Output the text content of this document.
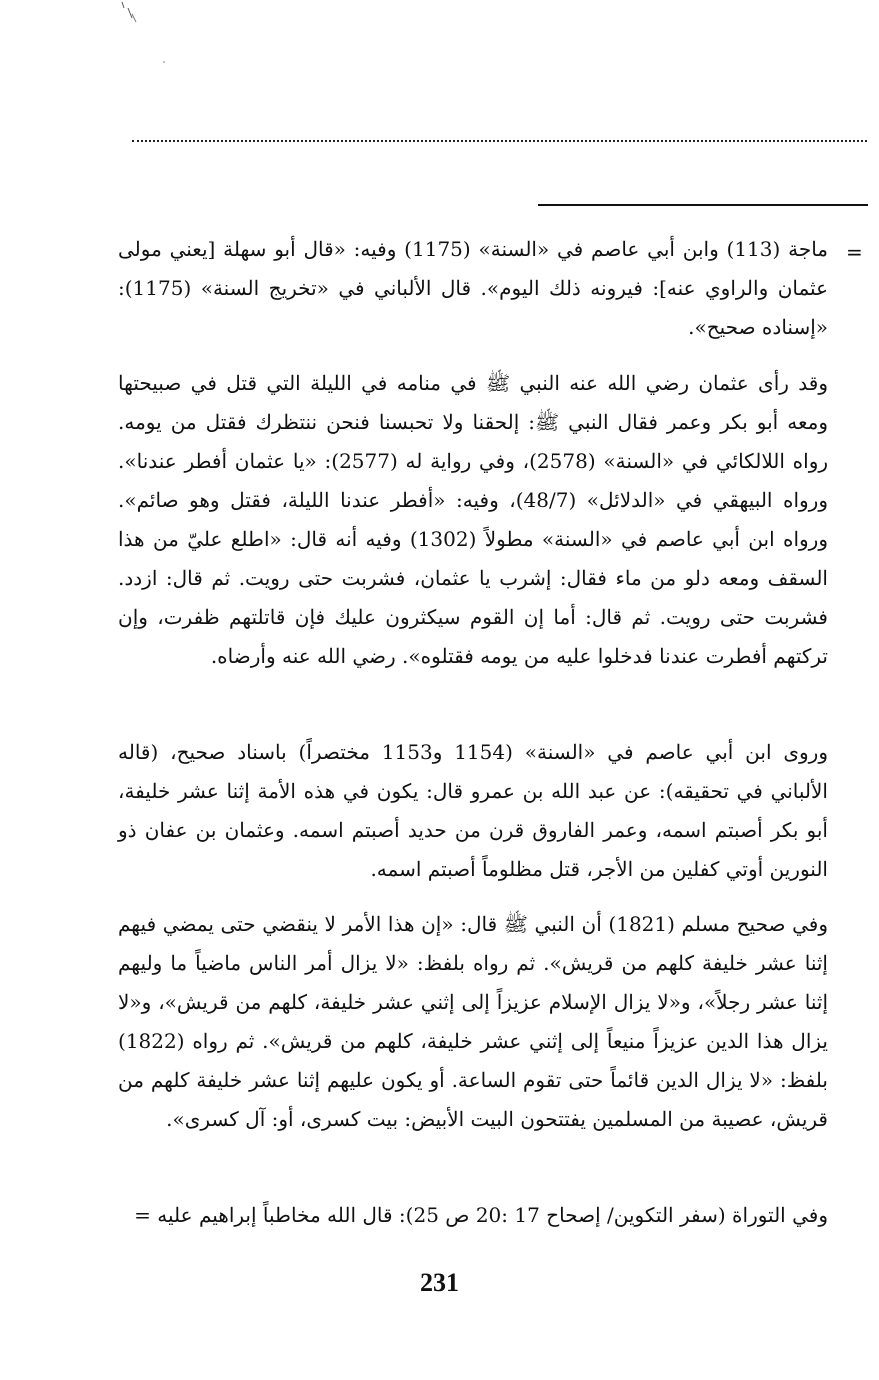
=

ماجة (113) وابن أبي عاصم في «السنة» (1175) وفيه: «قال أبو سهلة [يعني مولى عثمان والراوي عنه]: فيرونه ذلك اليوم». قال الألباني في «تخريج السنة» (1175): «إسناده صحيح».

وقد رأى عثمان رضي الله عنه النبي ﷺ في منامه في الليلة التي قتل في صبيحتها ومعه أبو بكر وعمر فقال النبي ﷺ: إلحقنا ولا تحبسنا فنحن ننتظرك فقتل من يومه. رواه اللالكائي في «السنة» (2578)، وفي رواية له (2577): «يا عثمان أفطر عندنا». ورواه البيهقي في «الدلائل» (48/7)، وفيه: «أفطر عندنا الليلة، فقتل وهو صائم». ورواه ابن أبي عاصم في «السنة» مطولاً (1302) وفيه أنه قال: «اطلع عليّ من هذا السقف ومعه دلو من ماء فقال: إشرب يا عثمان، فشربت حتى رويت. ثم قال: ازدد. فشربت حتى رويت. ثم قال: أما إن القوم سيكثرون عليك فإن قاتلتهم ظفرت، وإن تركتهم أفطرت عندنا فدخلوا عليه من يومه فقتلوه». رضي الله عنه وأرضاه.

وروى ابن أبي عاصم في «السنة» (1154 و1153 مختصراً) باسناد صحيح، (قاله الألباني في تحقيقه): عن عبد الله بن عمرو قال: يكون في هذه الأمة إثنا عشر خليفة، أبو بكر أصبتم اسمه، وعمر الفاروق قرن من حديد أصبتم اسمه. وعثمان بن عفان ذو النورين أوتي كفلين من الأجر، قتل مظلوماً أصبتم اسمه.

وفي صحيح مسلم (1821) أن النبي ﷺ قال: «إن هذا الأمر لا ينقضي حتى يمضي فيهم إثنا عشر خليفة كلهم من قريش». ثم رواه بلفظ: «لا يزال أمر الناس ماضياً ما وليهم إثنا عشر رجلاً»، و«لا يزال الإسلام عزيزاً إلى إثني عشر خليفة، كلهم من قريش»، و«لا يزال هذا الدين عزيزاً منيعاً إلى إثني عشر خليفة، كلهم من قريش». ثم رواه (1822) بلفظ: «لا يزال الدين قائماً حتى تقوم الساعة. أو يكون عليهم إثنا عشر خليفة كلهم من قريش، عصيبة من المسلمين يفتتحون البيت الأبيض: بيت كسرى، أو: آل كسرى».

وفي التوراة (سفر التكوين/ إصحاح 17 :20 ص 25): قال الله مخاطباً إبراهيم عليه =

231
